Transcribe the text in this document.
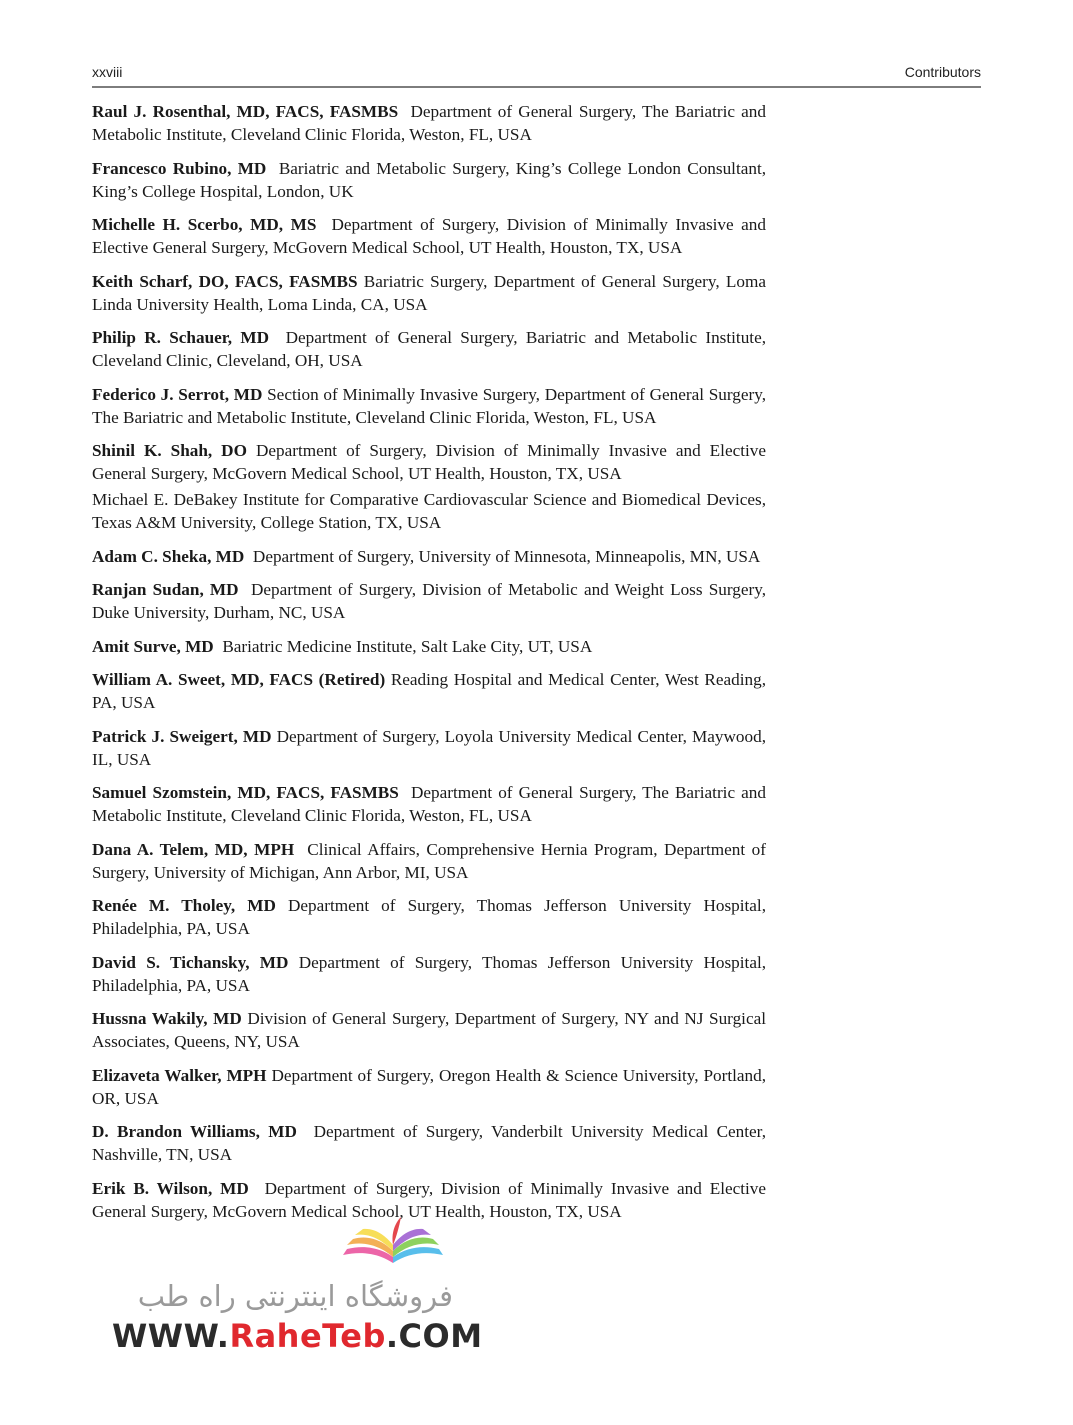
xxviii	Contributors

Raul J. Rosenthal, MD, FACS, FASMBS Department of General Surgery, The Bariatric and Metabolic Institute, Cleveland Clinic Florida, Weston, FL, USA

Francesco Rubino, MD Bariatric and Metabolic Surgery, King’s College London Consultant, King’s College Hospital, London, UK

Michelle H. Scerbo, MD, MS Department of Surgery, Division of Minimally Invasive and Elective General Surgery, McGovern Medical School, UT Health, Houston, TX, USA

Keith Scharf, DO, FACS, FASMBS Bariatric Surgery, Department of General Surgery, Loma Linda University Health, Loma Linda, CA, USA

Philip R. Schauer, MD Department of General Surgery, Bariatric and Metabolic Institute, Cleveland Clinic, Cleveland, OH, USA

Federico J. Serrot, MD Section of Minimally Invasive Surgery, Department of General Surgery, The Bariatric and Metabolic Institute, Cleveland Clinic Florida, Weston, FL, USA

Shinil K. Shah, DO Department of Surgery, Division of Minimally Invasive and Elective General Surgery, McGovern Medical School, UT Health, Houston, TX, USA
Michael E. DeBakey Institute for Comparative Cardiovascular Science and Biomedical Devices, Texas A&M University, College Station, TX, USA

Adam C. Sheka, MD Department of Surgery, University of Minnesota, Minneapolis, MN, USA

Ranjan Sudan, MD Department of Surgery, Division of Metabolic and Weight Loss Surgery, Duke University, Durham, NC, USA

Amit Surve, MD Bariatric Medicine Institute, Salt Lake City, UT, USA

William A. Sweet, MD, FACS (Retired) Reading Hospital and Medical Center, West Reading, PA, USA

Patrick J. Sweigert, MD Department of Surgery, Loyola University Medical Center, Maywood, IL, USA

Samuel Szomstein, MD, FACS, FASMBS Department of General Surgery, The Bariatric and Metabolic Institute, Cleveland Clinic Florida, Weston, FL, USA

Dana A. Telem, MD, MPH Clinical Affairs, Comprehensive Hernia Program, Department of Surgery, University of Michigan, Ann Arbor, MI, USA

Renée M. Tholey, MD Department of Surgery, Thomas Jefferson University Hospital, Philadelphia, PA, USA

David S. Tichansky, MD Department of Surgery, Thomas Jefferson University Hospital, Philadelphia, PA, USA

Hussna Wakily, MD Division of General Surgery, Department of Surgery, NY and NJ Surgical Associates, Queens, NY, USA

Elizaveta Walker, MPH Department of Surgery, Oregon Health & Science University, Portland, OR, USA

D. Brandon Williams, MD Department of Surgery, Vanderbilt University Medical Center, Nashville, TN, USA

Erik B. Wilson, MD Department of Surgery, Division of Minimally Invasive and Elective General Surgery, McGovern Medical School, UT Health, Houston, TX, USA

فروشگاه اینترنتی راه طب
WWW.RaheTeb.COM
